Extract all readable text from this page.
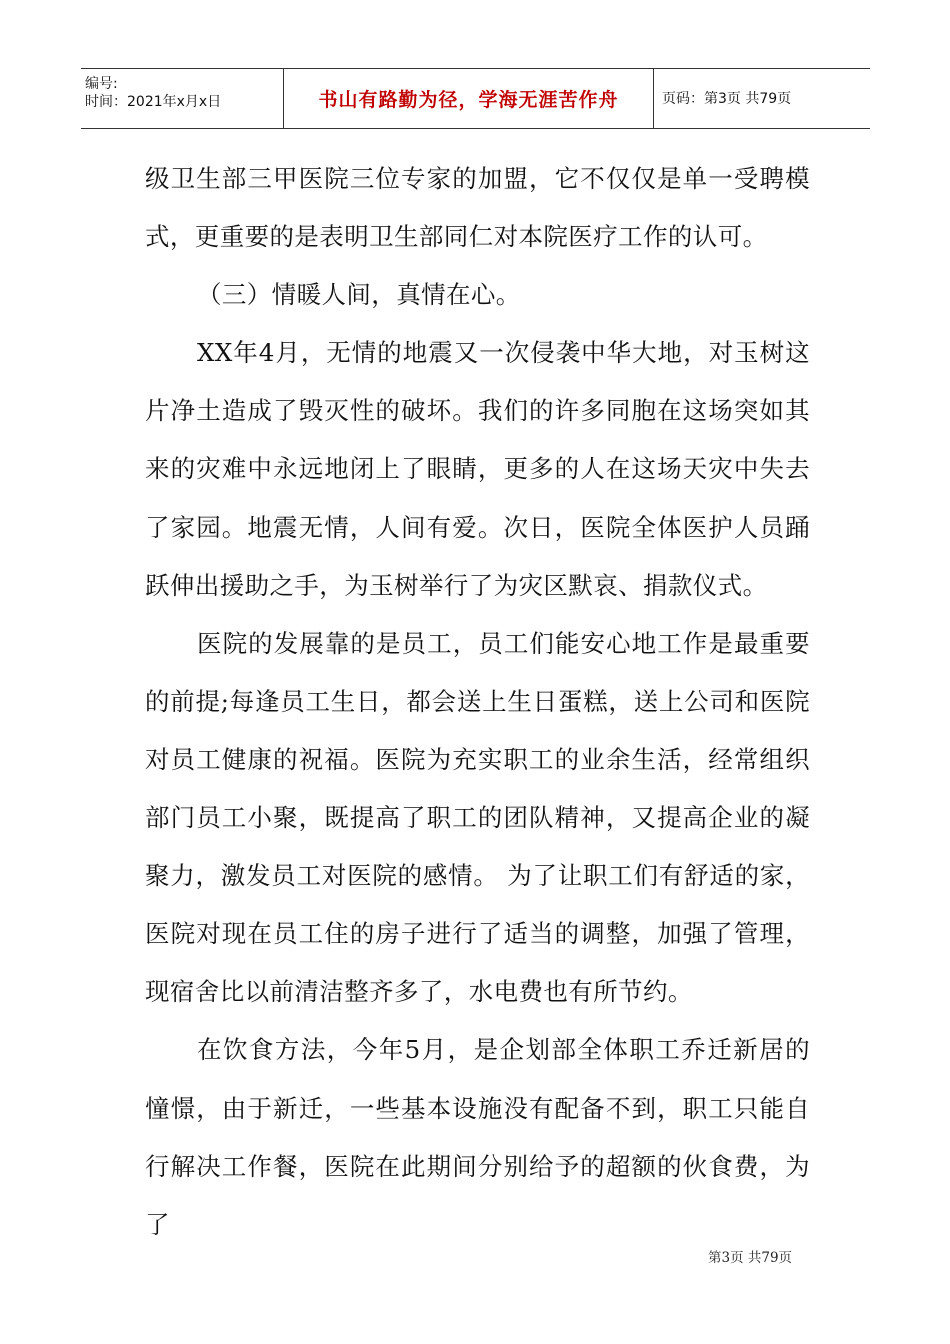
编号:
时间：2021年x月x日	书山有路勤为径，学海无涯苦作舟	页码：第3页 共79页

级卫生部三甲医院三位专家的加盟，它不仅仅是单一受聘模式，更重要的是表明卫生部同仁对本院医疗工作的认可。

（三）情暖人间，真情在心。

XX年4月，无情的地震又一次侵袭中华大地，对玉树这片净土造成了毁灭性的破坏。我们的许多同胞在这场突如其来的灾难中永远地闭上了眼睛，更多的人在这场天灾中失去了家园。地震无情，人间有爱。次日，医院全体医护人员踊跃伸出援助之手，为玉树举行了为灾区默哀、捐款仪式。

医院的发展靠的是员工，员工们能安心地工作是最重要的前提;每逢员工生日，都会送上生日蛋糕，送上公司和医院对员工健康的祝福。医院为充实职工的业余生活，经常组织部门员工小聚，既提高了职工的团队精神，又提高企业的凝聚力，激发员工对医院的感情。 为了让职工们有舒适的家，医院对现在员工住的房子进行了适当的调整，加强了管理，现宿舍比以前清洁整齐多了，水电费也有所节约。

在饮食方法，今年5月，是企划部全体职工乔迁新居的憧憬，由于新迁，一些基本设施没有配备不到，职工只能自行解决工作餐，医院在此期间分别给予的超额的伙食费，为了

第3页 共79页
